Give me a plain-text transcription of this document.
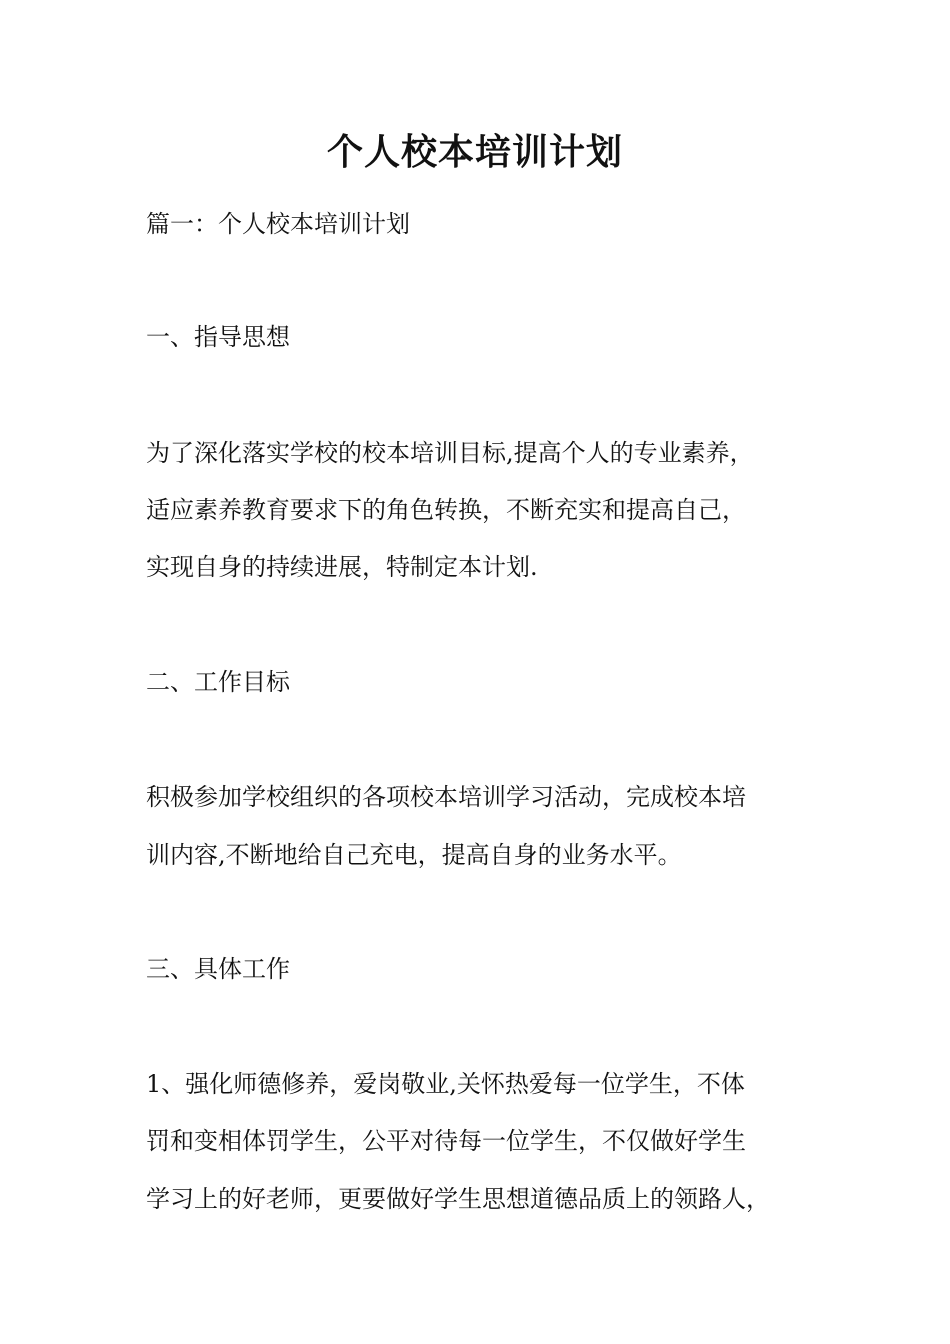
个人校本培训计划
篇一：个人校本培训计划
一、指导思想
为了深化落实学校的校本培训目标,提高个人的专业素养，
适应素养教育要求下的角色转换，不断充实和提高自己，
实现自身的持续进展，特制定本计划.
二、工作目标
积极参加学校组织的各项校本培训学习活动，完成校本培
训内容,不断地给自己充电，提高自身的业务水平。
三、具体工作
1、强化师德修养，爱岗敬业,关怀热爱每一位学生，不体
罚和变相体罚学生，公平对待每一位学生，不仅做好学生
学习上的好老师，更要做好学生思想道德品质上的领路人，
